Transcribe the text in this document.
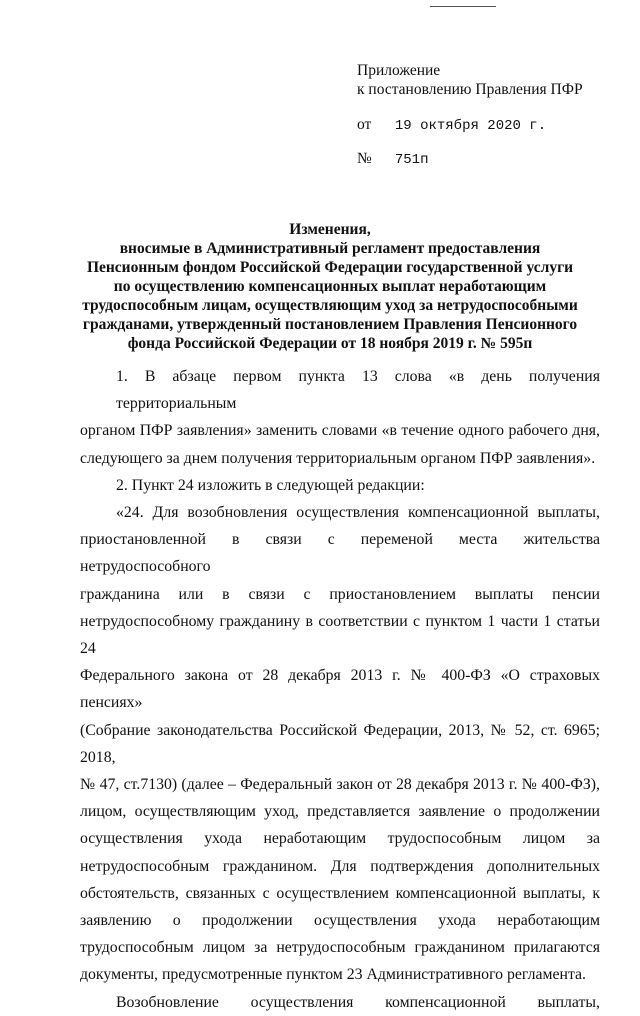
Приложение
к постановлению Правления ПФР
от 19 октября 2020 г.
№ 751п
Изменения,
вносимые в Административный регламент предоставления
Пенсионным фондом Российской Федерации государственной услуги
по осуществлению компенсационных выплат неработающим
трудоспособным лицам, осуществляющим уход за нетрудоспособными
гражданами, утвержденный постановлением Правления Пенсионного
фонда Российской Федерации от 18 ноября 2019 г. № 595п
1. В абзаце первом пункта 13 слова «в день получения территориальным
органом ПФР заявления» заменить словами «в течение одного рабочего дня,
следующего за днем получения территориальным органом ПФР заявления».
2. Пункт 24 изложить в следующей редакции:
«24. Для возобновления осуществления компенсационной выплаты,
приостановленной в связи с переменой места жительства нетрудоспособного
гражданина или в связи с приостановлением выплаты пенсии
нетрудоспособному гражданину в соответствии с пунктом 1 части 1 статьи 24
Федерального закона от 28 декабря 2013 г. № 400-ФЗ «О страховых пенсиях»
(Собрание законодательства Российской Федерации, 2013, № 52, ст. 6965; 2018,
№ 47, ст.7130) (далее – Федеральный закон от 28 декабря 2013 г. № 400-ФЗ),
лицом, осуществляющим уход, представляется заявление о продолжении
осуществления ухода неработающим трудоспособным лицом за
нетрудоспособным гражданином. Для подтверждения дополнительных
обстоятельств, связанных с осуществлением компенсационной выплаты, к
заявлению о продолжении осуществления ухода неработающим
трудоспособным лицом за нетрудоспособным гражданином прилагаются
документы, предусмотренные пунктом 23 Административного регламента.
Возобновление осуществления компенсационной выплаты,
